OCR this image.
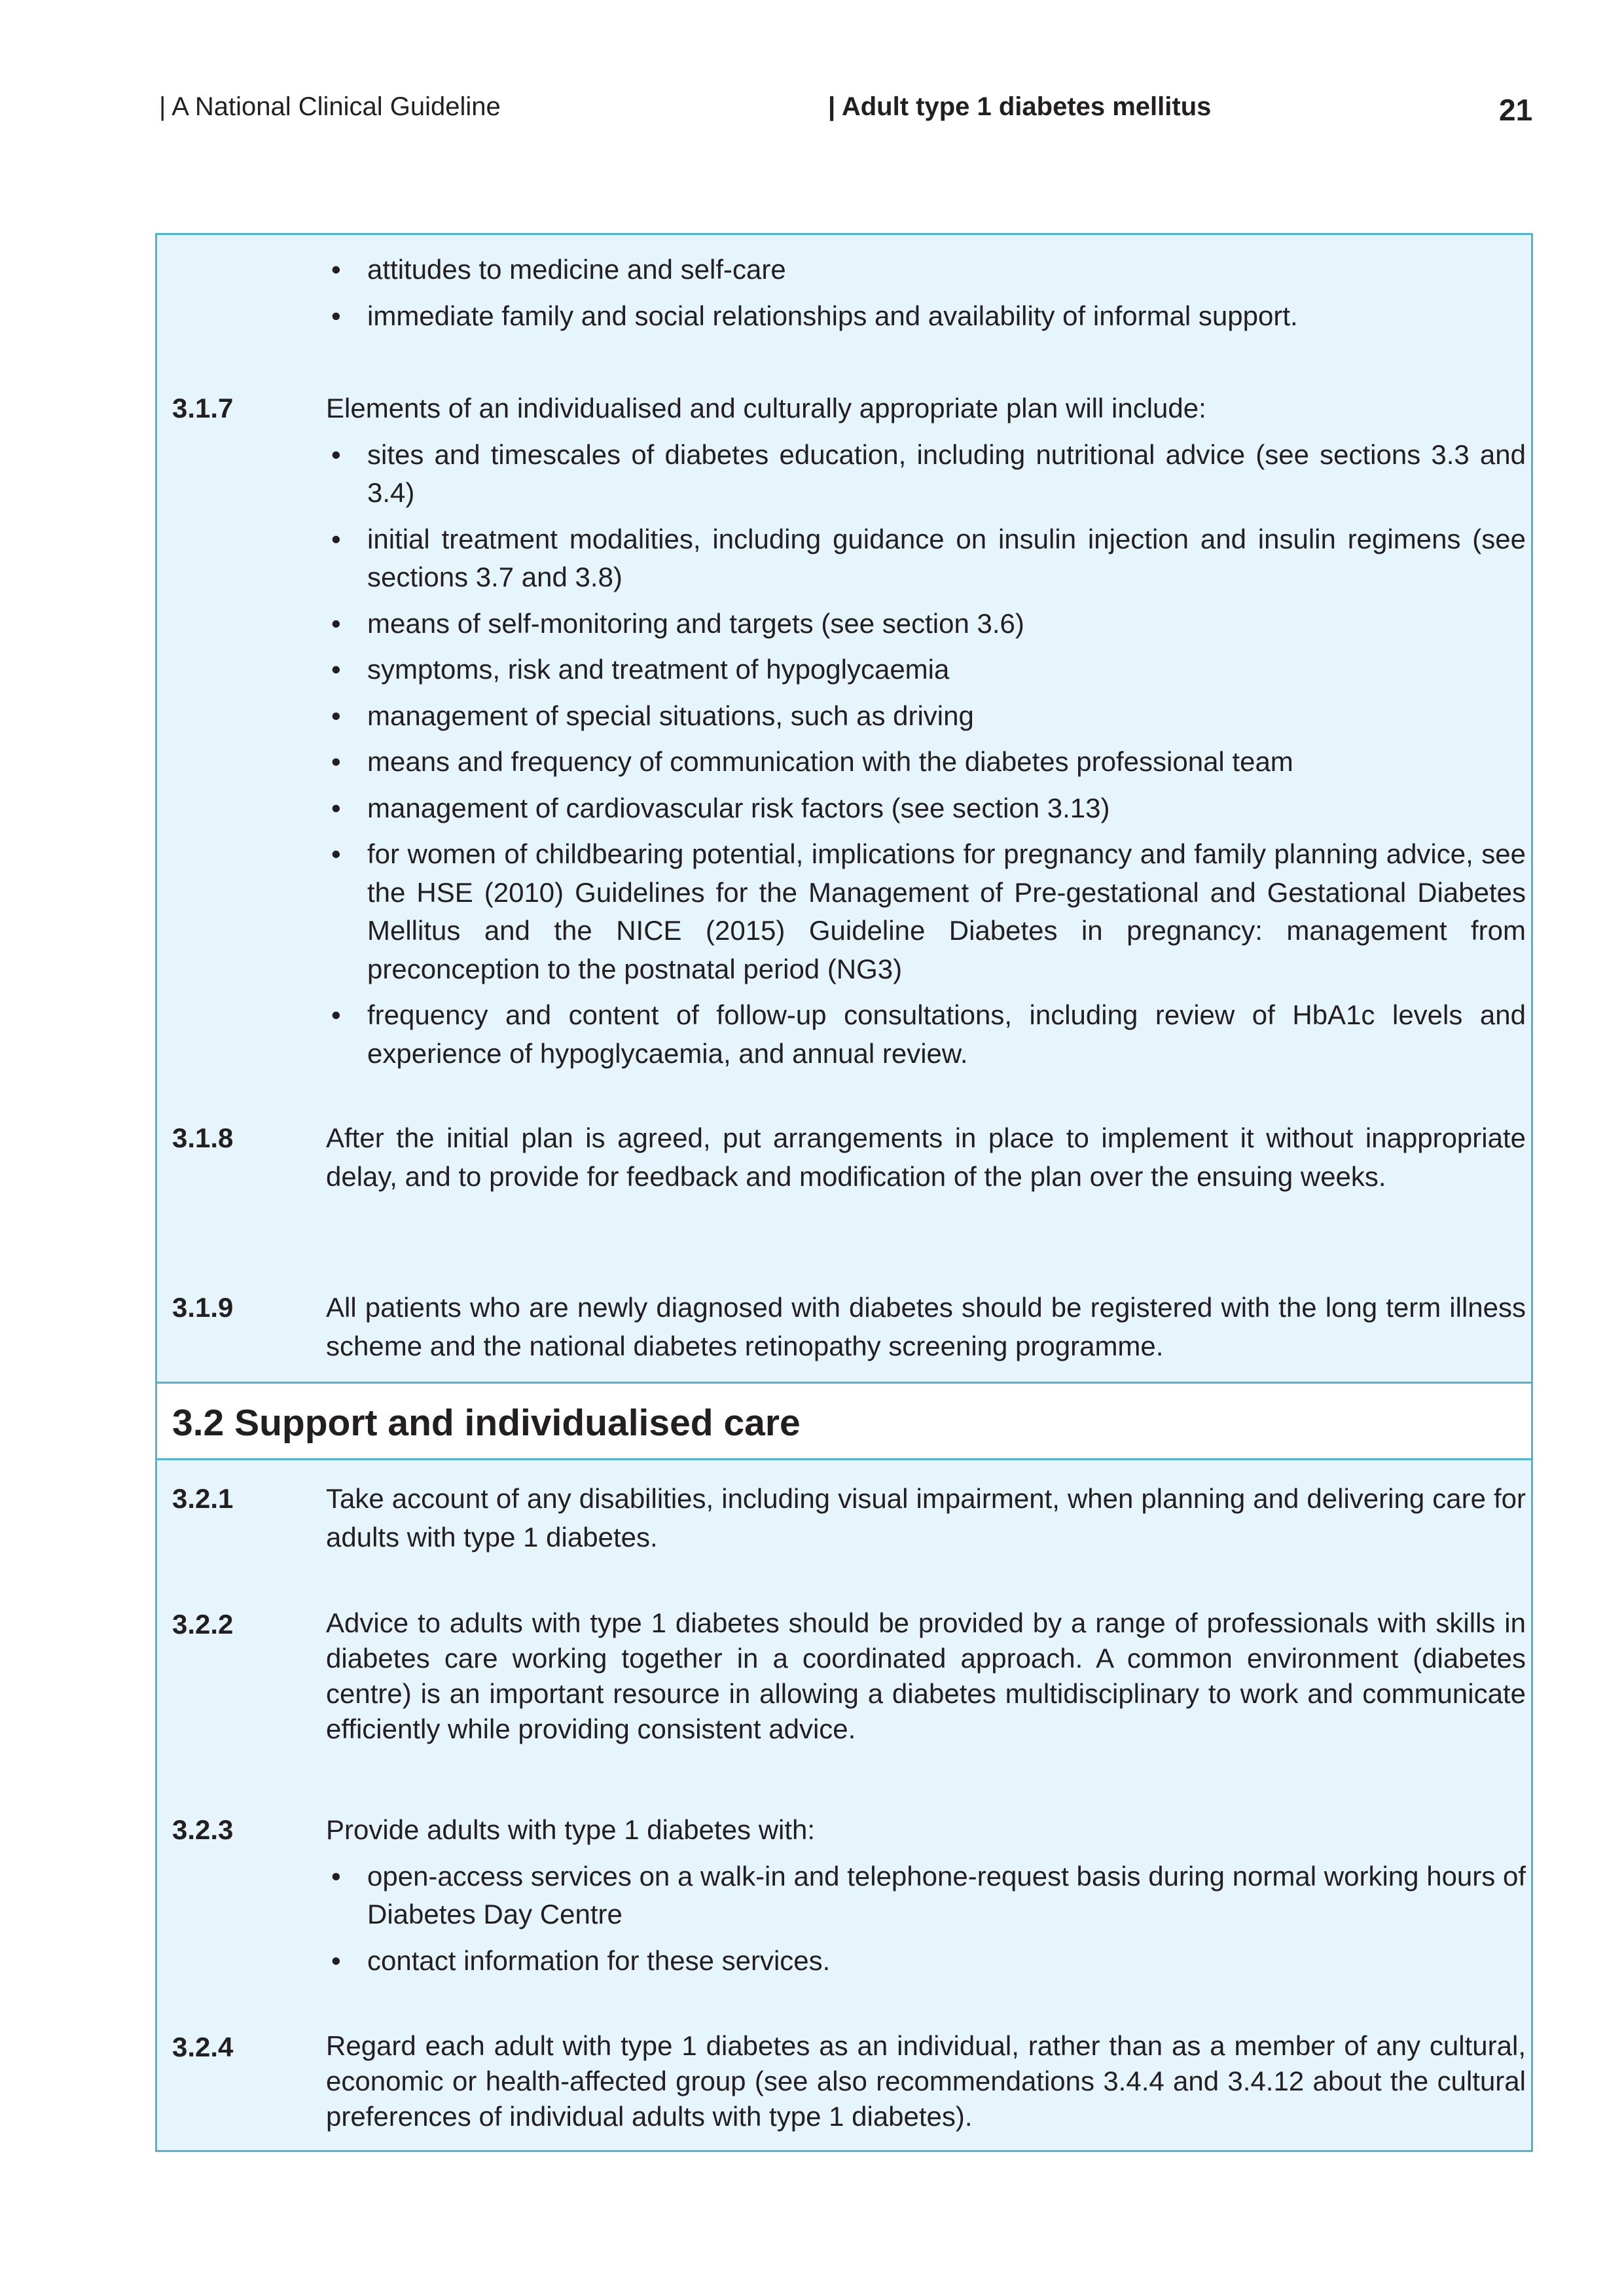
| A National Clinical Guideline	| Adult type 1 diabetes mellitus	21
• attitudes to medicine and self-care
• immediate family and social relationships and availability of informal support.
3.1.7	Elements of an individualised and culturally appropriate plan will include:

• sites and timescales of diabetes education, including nutritional advice (see sections 3.3 and 3.4)
• initial treatment modalities, including guidance on insulin injection and insulin regimens (see sections 3.7 and 3.8)
• means of self-monitoring and targets (see section 3.6)
• symptoms, risk and treatment of hypoglycaemia
• management of special situations, such as driving
• means and frequency of communication with the diabetes professional team
• management of cardiovascular risk factors (see section 3.13)
• for women of childbearing potential, implications for pregnancy and family planning advice, see the HSE (2010) Guidelines for the Management of Pre-gestational and Gestational Diabetes Mellitus and the NICE (2015) Guideline Diabetes in pregnancy: management from preconception to the postnatal period (NG3)
• frequency and content of follow-up consultations, including review of HbA1c levels and experience of hypoglycaemia, and annual review.
3.1.8	After the initial plan is agreed, put arrangements in place to implement it without inappropriate delay, and to provide for feedback and modification of the plan over the ensuing weeks.

3.1.9	All patients who are newly diagnosed with diabetes should be registered with the long term illness scheme and the national diabetes retinopathy screening programme.

3.2 Support and individualised care
3.2.1	Take account of any disabilities, including visual impairment, when planning and delivering care for adults with type 1 diabetes.

3.2.2	Advice to adults with type 1 diabetes should be provided by a range of professionals with skills in diabetes care working together in a coordinated approach. A common environment (diabetes centre) is an important resource in allowing a diabetes multidisciplinary to work and communicate efficiently while providing consistent advice.

3.2.3	Provide adults with type 1 diabetes with:

• open-access services on a walk-in and telephone-request basis during normal working hours of Diabetes Day Centre
• contact information for these services.
3.2.4	Regard each adult with type 1 diabetes as an individual, rather than as a member of any cultural, economic or health-affected group (see also recommendations 3.4.4 and 3.4.12 about the cultural preferences of individual adults with type 1 diabetes).
